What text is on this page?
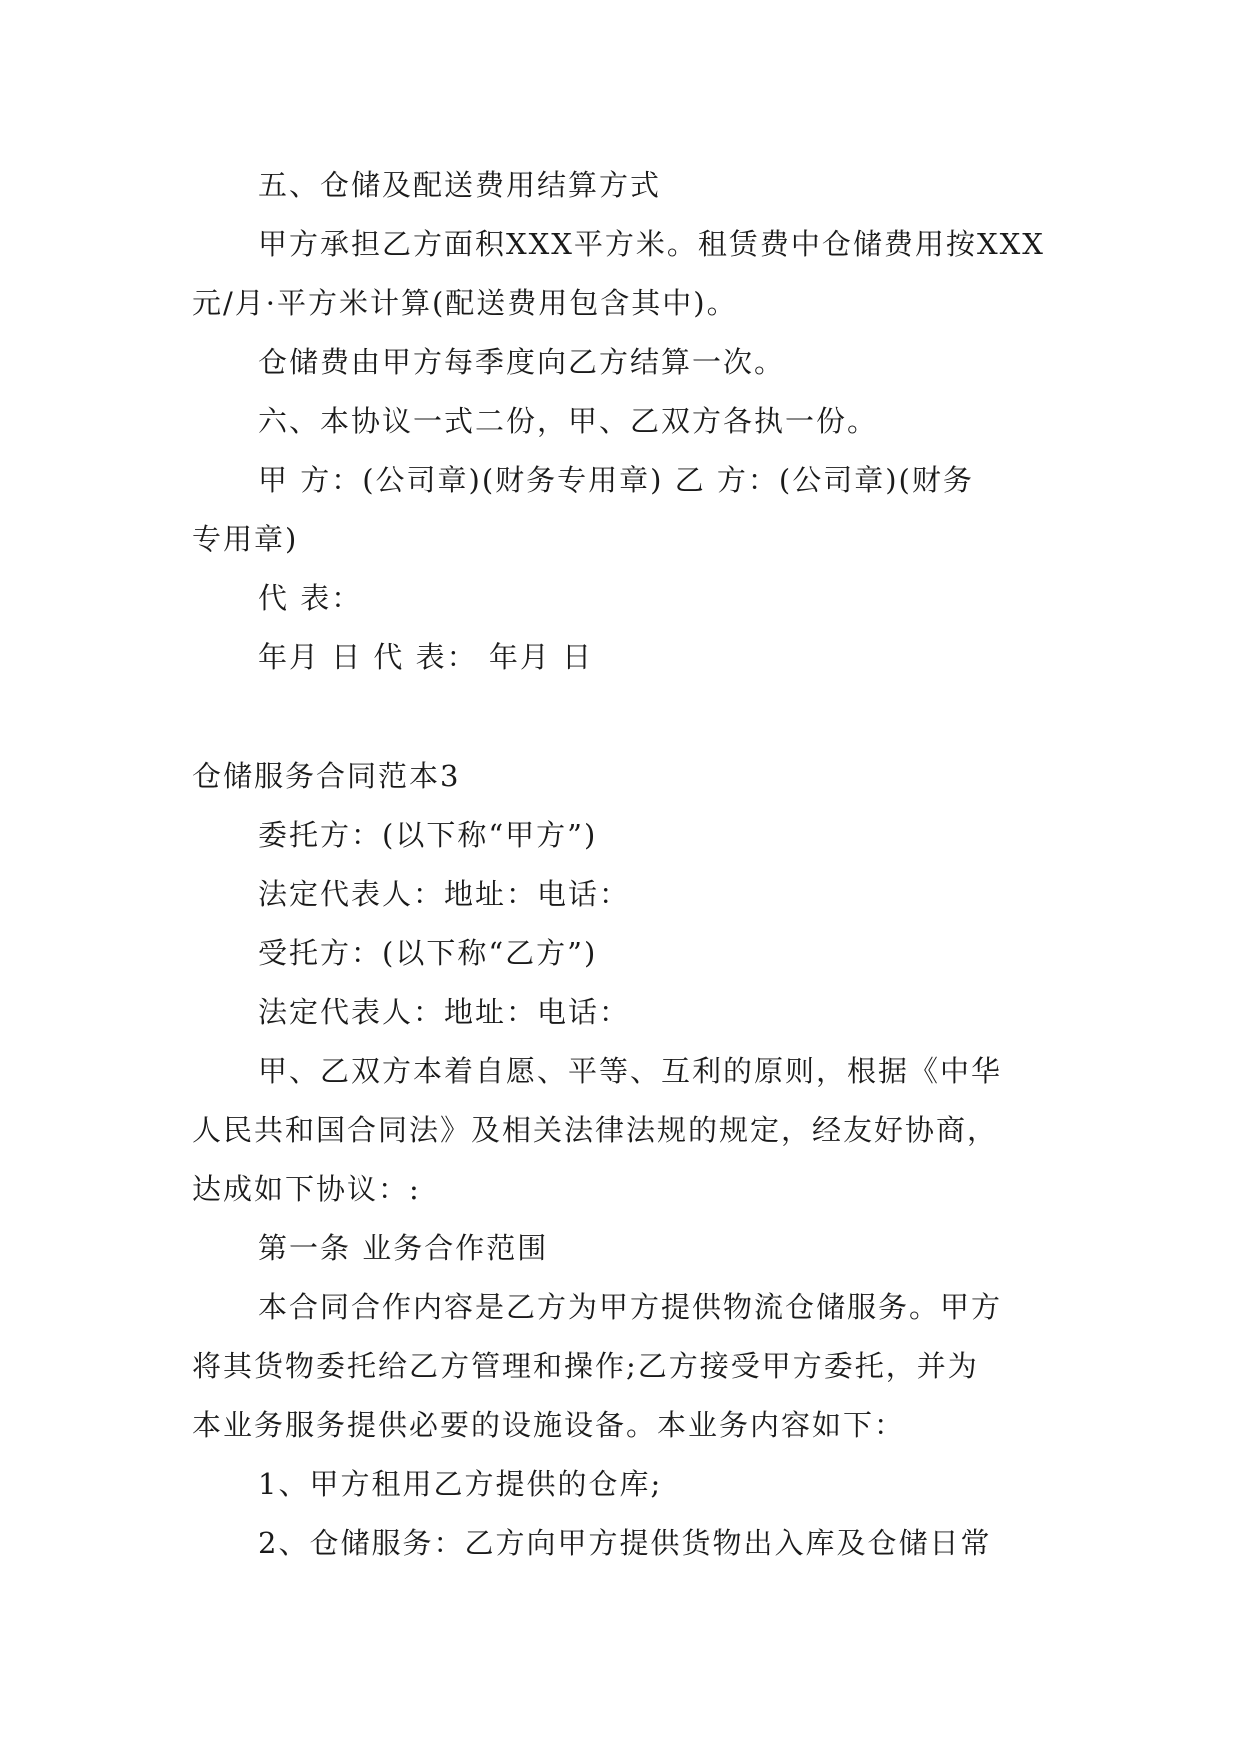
五、仓储及配送费用结算方式

甲方承担乙方面积XXX平方米。租赁费中仓储费用按XXX

元/月·平方米计算(配送费用包含其中)。

仓储费由甲方每季度向乙方结算一次。

六、本协议一式二份，甲、乙双方各执一份。

甲 方：(公司章)(财务专用章) 乙 方：(公司章)(财务

专用章)

代 表：

年月 日 代 表： 年月 日

仓储服务合同范本3

委托方：(以下称“甲方”)

法定代表人：地址：电话：

受托方：(以下称“乙方”)

法定代表人：地址：电话：

甲、乙双方本着自愿、平等、互利的原则，根据《中华

人民共和国合同法》及相关法律法规的规定，经友好协商，

达成如下协议：:

第一条 业务合作范围

本合同合作内容是乙方为甲方提供物流仓储服务。甲方

将其货物委托给乙方管理和操作;乙方接受甲方委托，并为

本业务服务提供必要的设施设备。本业务内容如下：

1、甲方租用乙方提供的仓库;

2、仓储服务：乙方向甲方提供货物出入库及仓储日常
